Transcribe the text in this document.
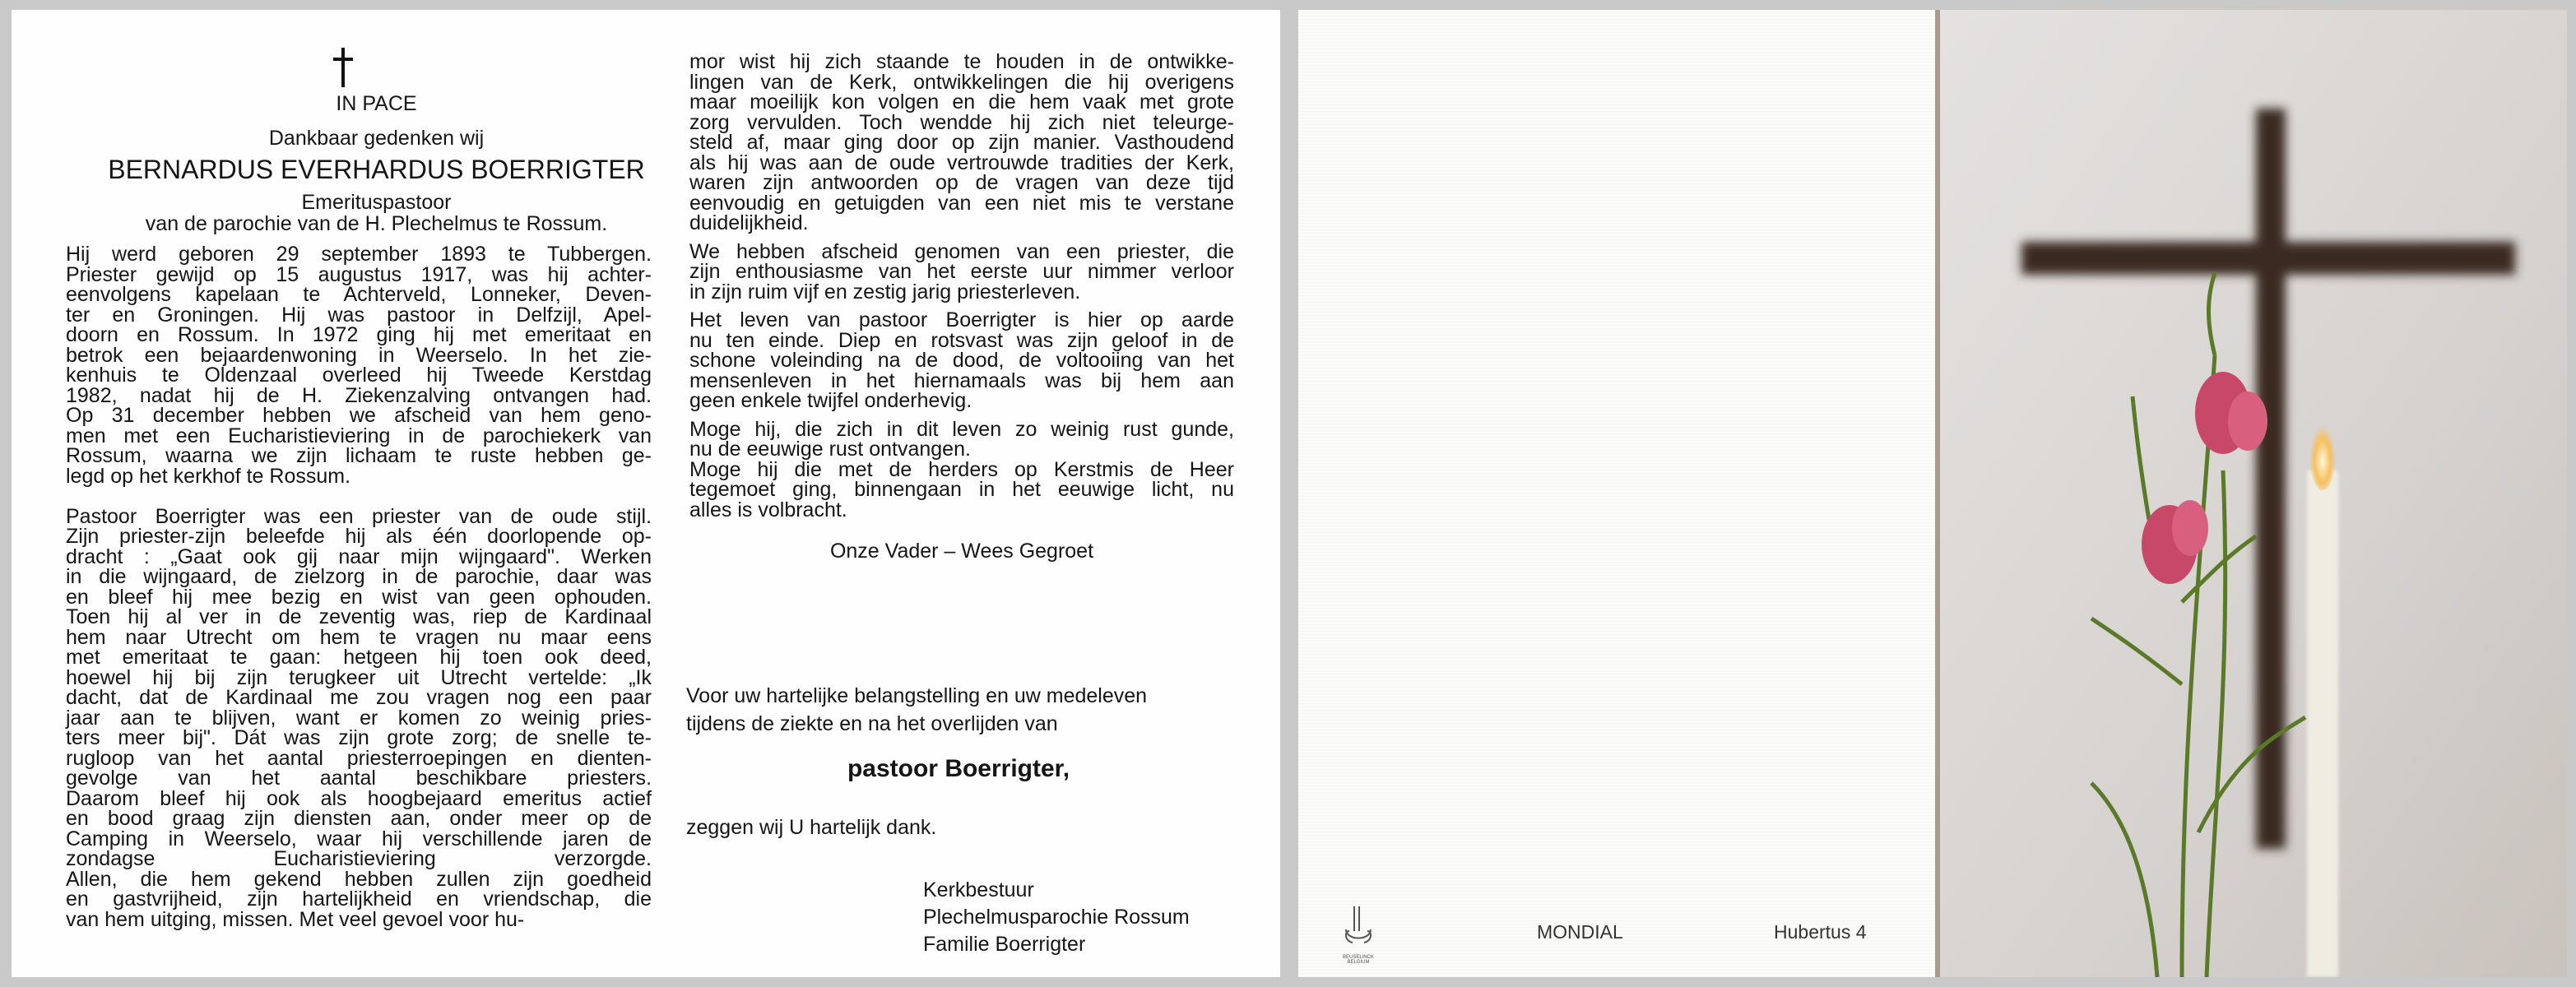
IN PACE
Dankbaar gedenken wij
BERNARDUS EVERHARDUS BOERRIGTER
Emerituspastoor
van de parochie van de H. Plechelmus te Rossum.
Hij werd geboren 29 september 1893 te Tubbergen.
Priester gewijd op 15 augustus 1917, was hij achter-
eenvolgens kapelaan te Achterveld, Lonneker, Deven-
ter en Groningen. Hij was pastoor in Delfzijl, Apel-
doorn en Rossum. In 1972 ging hij met emeritaat en
betrok een bejaardenwoning in Weerselo. In het zie-
kenhuis te Oldenzaal overleed hij Tweede Kerstdag
1982, nadat hij de H. Ziekenzalving ontvangen had.
Op 31 december hebben we afscheid van hem geno-
men met een Eucharistieviering in de parochiekerk van
Rossum, waarna we zijn lichaam te ruste hebben ge-
legd op het kerkhof te Rossum.
Pastoor Boerrigter was een priester van de oude stijl.
Zijn priester-zijn beleefde hij als één doorlopende op-
dracht : „Gaat ook gij naar mijn wijngaard". Werken
in die wijngaard, de zielzorg in de parochie, daar was
en bleef hij mee bezig en wist van geen ophouden.
Toen hij al ver in de zeventig was, riep de Kardinaal
hem naar Utrecht om hem te vragen nu maar eens
met emeritaat te gaan: hetgeen hij toen ook deed,
hoewel hij bij zijn terugkeer uit Utrecht vertelde: „Ik
dacht, dat de Kardinaal me zou vragen nog een paar
jaar aan te blijven, want er komen zo weinig pries-
ters meer bij". Dát was zijn grote zorg; de snelle te-
rugloop van het aantal priesterroepingen en dienten-
gevolge van het aantal beschikbare priesters.
Daarom bleef hij ook als hoogbejaard emeritus actief
en bood graag zijn diensten aan, onder meer op de
Camping in Weerselo, waar hij verschillende jaren de
zondagse Eucharistieviering verzorgde.
Allen, die hem gekend hebben zullen zijn goedheid
en gastvrijheid, zijn hartelijkheid en vriendschap, die
van hem uitging, missen. Met veel gevoel voor hu-
mor wist hij zich staande te houden in de ontwikke-
lingen van de Kerk, ontwikkelingen die hij overigens
maar moeilijk kon volgen en die hem vaak met grote
zorg vervulden. Toch wendde hij zich niet teleurge-
steld af, maar ging door op zijn manier. Vasthoudend
als hij was aan de oude vertrouwde tradities der Kerk,
waren zijn antwoorden op de vragen van deze tijd
eenvoudig en getuigden van een niet mis te verstane
duidelijkheid.
We hebben afscheid genomen van een priester, die
zijn enthousiasme van het eerste uur nimmer verloor
in zijn ruim vijf en zestig jarig priesterleven.
Het leven van pastoor Boerrigter is hier op aarde
nu ten einde. Diep en rotsvast was zijn geloof in de
schone voleinding na de dood, de voltooiing van het
mensenleven in het hiernamaals was bij hem aan
geen enkele twijfel onderhevig.
Moge hij, die zich in dit leven zo weinig rust gunde,
nu de eeuwige rust ontvangen.
Moge hij die met de herders op Kerstmis de Heer
tegemoet ging, binnengaan in het eeuwige licht, nu
alles is volbracht.
Onze Vader – Wees Gegroet
Voor uw hartelijke belangstelling en uw medeleven
tijdens de ziekte en na het overlijden van
pastoor Boerrigter,
zeggen wij U hartelijk dank.
Kerkbestuur
Plechelmusparochie Rossum
Familie Boerrigter
BEUSELINCK BELGIUM
MONDIAL	Hubertus 4
